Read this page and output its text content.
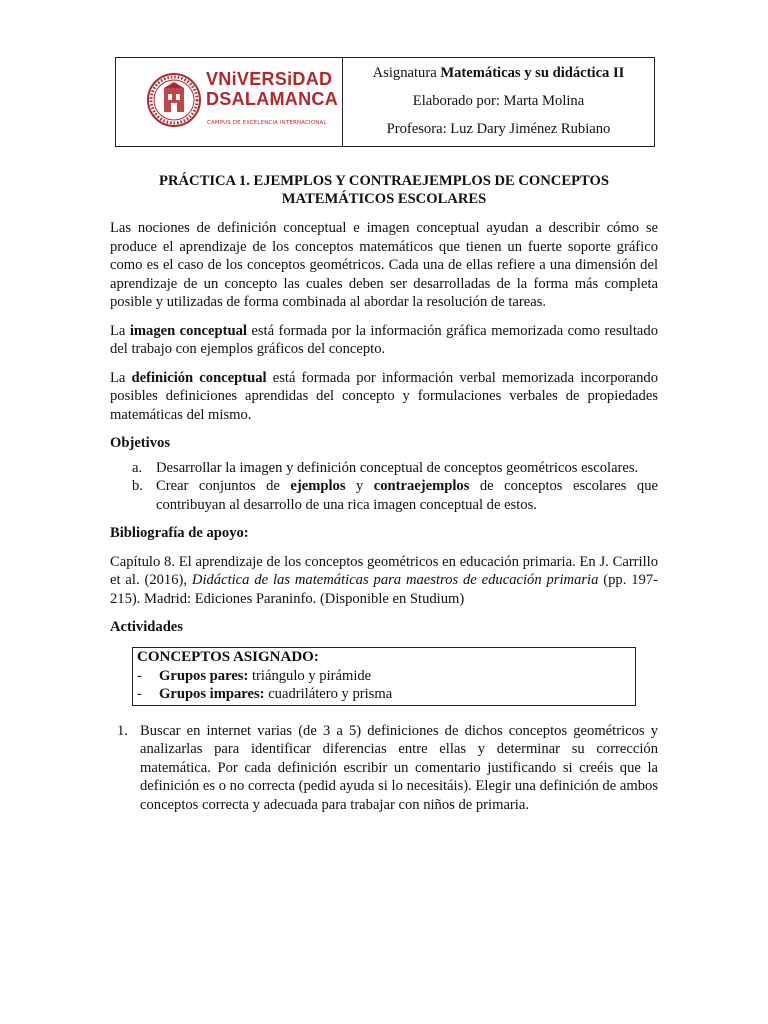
VNiVERSiDAD
DSALAMANCA
CAMPUS DE EXCELENCIA INTERNACIONAL
Asignatura Matemáticas y su didáctica II
Elaborado por: Marta Molina
Profesora: Luz Dary Jiménez Rubiano
PRÁCTICA 1. EJEMPLOS Y CONTRAEJEMPLOS DE CONCEPTOS
MATEMÁTICOS ESCOLARES

Las nociones de definición conceptual e imagen conceptual ayudan a describir cómo se produce el aprendizaje de los conceptos matemáticos que tienen un fuerte soporte gráfico como es el caso de los conceptos geométricos. Cada una de ellas refiere a una dimensión del aprendizaje de un concepto las cuales deben ser desarrolladas de la forma más completa posible y utilizadas de forma combinada al abordar la resolución de tareas.

La imagen conceptual está formada por la información gráfica memorizada como resultado del trabajo con ejemplos gráficos del concepto.

La definición conceptual está formada por información verbal memorizada incorporando posibles definiciones aprendidas del concepto y formulaciones verbales de propiedades matemáticas del mismo.

Objetivos
a. Desarrollar la imagen y definición conceptual de conceptos geométricos escolares.
b. Crear conjuntos de ejemplos y contraejemplos de conceptos escolares que contribuyan al desarrollo de una rica imagen conceptual de estos.
Bibliografía de apoyo:

Capítulo 8. El aprendizaje de los conceptos geométricos en educación primaria. En J. Carrillo et al. (2016), Didáctica de las matemáticas para maestros de educación primaria (pp. 197-215). Madrid: Ediciones Paraninfo. (Disponible en Studium)

Actividades
CONCEPTOS ASIGNADO:
-	Grupos pares: triángulo y pirámide
-	Grupos impares: cuadrilátero y prisma
1. Buscar en internet varias (de 3 a 5) definiciones de dichos conceptos geométricos y analizarlas para identificar diferencias entre ellas y determinar su corrección matemática. Por cada definición escribir un comentario justificando si creéis que la definición es o no correcta (pedid ayuda si lo necesitáis). Elegir una definición de ambos conceptos correcta y adecuada para trabajar con niños de primaria.
